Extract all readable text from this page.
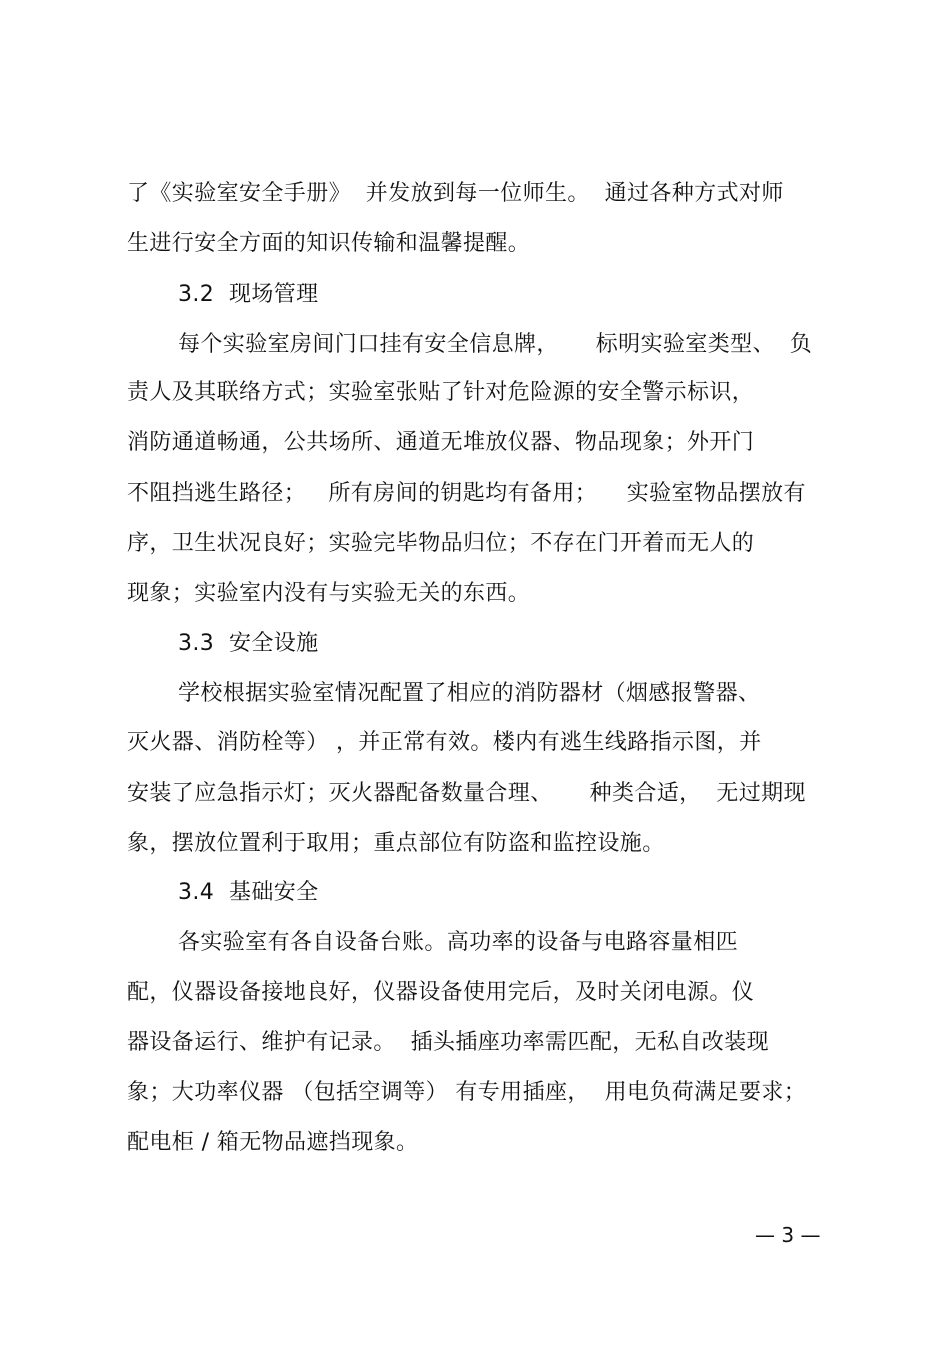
了《实验室安全手册》  并发放到每一位师生。  通过各种方式对师
生进行安全方面的知识传输和温馨提醒。
3.2  现场管理
每个实验室房间门口挂有安全信息牌，     标明实验室类型、  负
责人及其联络方式；实验室张贴了针对危险源的安全警示标识，
消防通道畅通，公共场所、通道无堆放仪器、物品现象；外开门
不阻挡逃生路径；   所有房间的钥匙均有备用；    实验室物品摆放有
序，卫生状况良好；实验完毕物品归位；不存在门开着而无人的
现象；实验室内没有与实验无关的东西。
3.3  安全设施
学校根据实验室情况配置了相应的消防器材（烟感报警器、
灭火器、消防栓等） ，并正常有效。楼内有逃生线路指示图，并
安装了应急指示灯；灭火器配备数量合理、     种类合适，  无过期现
象，摆放位置利于取用；重点部位有防盗和监控设施。
3.4  基础安全
各实验室有各自设备台账。高功率的设备与电路容量相匹
配，仪器设备接地良好，仪器设备使用完后，及时关闭电源。仪
器设备运行、维护有记录。  插头插座功率需匹配，无私自改装现
象；大功率仪器 （包括空调等） 有专用插座，  用电负荷满足要求；
配电柜 / 箱无物品遮挡现象。
— 3 —
